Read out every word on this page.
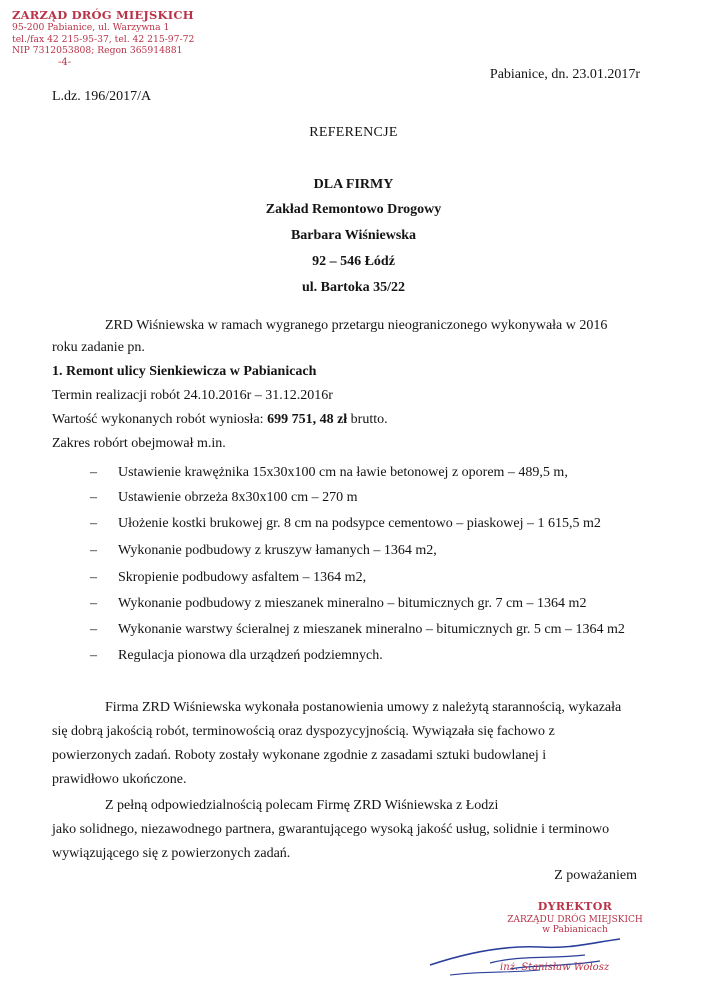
ZARZĄD DRÓG MIEJSKICH
95-200 Pabianice, ul. Warzywna 1
tel./fax 42 215-95-37, tel. 42 215-97-72
NIP 7312053808; Regon 365914881
-4-
Pabianice, dn. 23.01.2017r
L.dz. 196/2017/A
REFERENCJE
DLA FIRMY
Zakład Remontowo Drogowy
Barbara Wiśniewska
92 – 546 Łódź
ul. Bartoka 35/22
ZRD Wiśniewska w ramach wygranego przetargu nieograniczonego wykonywała w 2016
roku zadanie pn.
1. Remont ulicy Sienkiewicza w Pabianicach
Termin realizacji robót 24.10.2016r – 31.12.2016r
Wartość wykonanych robót wyniosła: 699 751, 48 zł brutto.
Zakres robórt obejmował m.in.
– Ustawienie krawężnika 15x30x100 cm na ławie betonowej z oporem – 489,5 m,
– Ustawienie obrzeża 8x30x100 cm – 270 m
– Ułożenie kostki brukowej gr. 8 cm na podsypce cementowo – piaskowej – 1 615,5 m2
– Wykonanie podbudowy z kruszyw łamanych – 1364 m2,
– Skropienie podbudowy asfaltem – 1364 m2,
– Wykonanie podbudowy z mieszanek mineralno – bitumicznych gr. 7 cm – 1364 m2
– Wykonanie warstwy ścieralnej z mieszanek mineralno – bitumicznych gr. 5 cm – 1364 m2
– Regulacja pionowa dla urządzeń podziemnych.
Firma ZRD Wiśniewska wykonała postanowienia umowy z należytą starannością, wykazała
się dobrą jakością robót, terminowością oraz dyspozycyjnością. Wywiązała się fachowo z
powierzonych zadań. Roboty zostały wykonane zgodnie z zasadami sztuki budowlanej i
prawidłowo ukończone.
Z pełną odpowiedzialnością polecam Firmę ZRD Wiśniewska z Łodzi
jako solidnego, niezawodnego partnera, gwarantującego wysoką jakość usług, solidnie i terminowo
wywiązującego się z powierzonych zadań.
Z poważaniem
DYREKTOR
ZARZĄDU DRÓG MIEJSKICH
w Pabianicach
inż. Stanisław Wołosz
